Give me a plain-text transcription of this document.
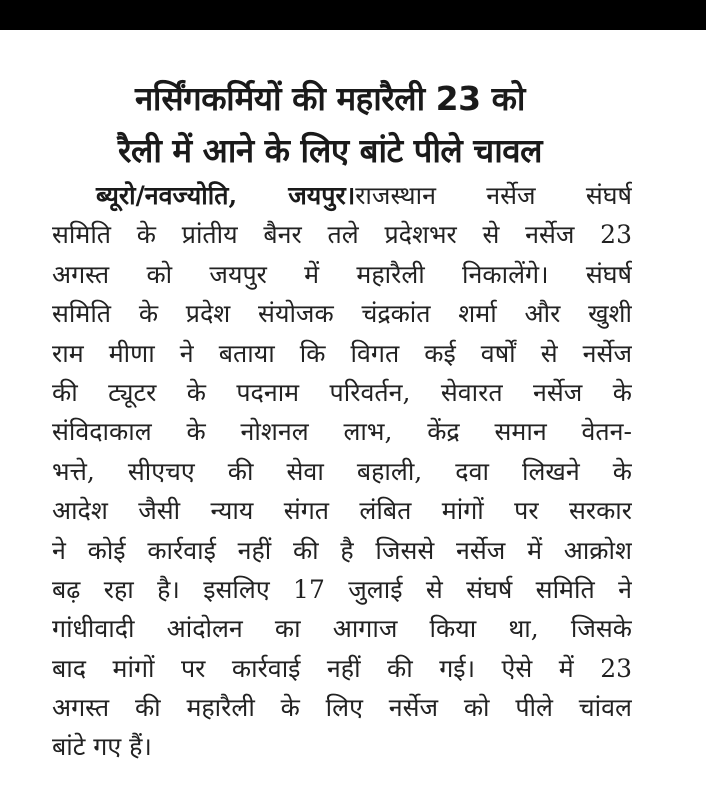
नर्सिंगकर्मियों की महारैली 23 को
रैली में आने के लिए बांटे पीले चावल
ब्यूरो/नवज्योति, जयपुर।राजस्थान नर्सेज संघर्ष
समिति के प्रांतीय बैनर तले प्रदेशभर से नर्सेज 23
अगस्त को जयपुर में महारैली निकालेंगे। संघर्ष
समिति के प्रदेश संयोजक चंद्रकांत शर्मा और खुशी
राम मीणा ने बताया कि विगत कई वर्षों से नर्सेज
की ट्यूटर के पदनाम परिवर्तन, सेवारत नर्सेज के
संविदाकाल के नोशनल लाभ, केंद्र समान वेतन-
भत्ते, सीएचए की सेवा बहाली, दवा लिखने के
आदेश जैसी न्याय संगत लंबित मांगों पर सरकार
ने कोई कार्रवाई नहीं की है जिससे नर्सेज में आक्रोश
बढ़ रहा है। इसलिए 17 जुलाई से संघर्ष समिति ने
गांधीवादी आंदोलन का आगाज किया था, जिसके
बाद मांगों पर कार्रवाई नहीं की गई। ऐसे में 23
अगस्त की महारैली के लिए नर्सेज को पीले चांवल
बांटे गए हैं।
